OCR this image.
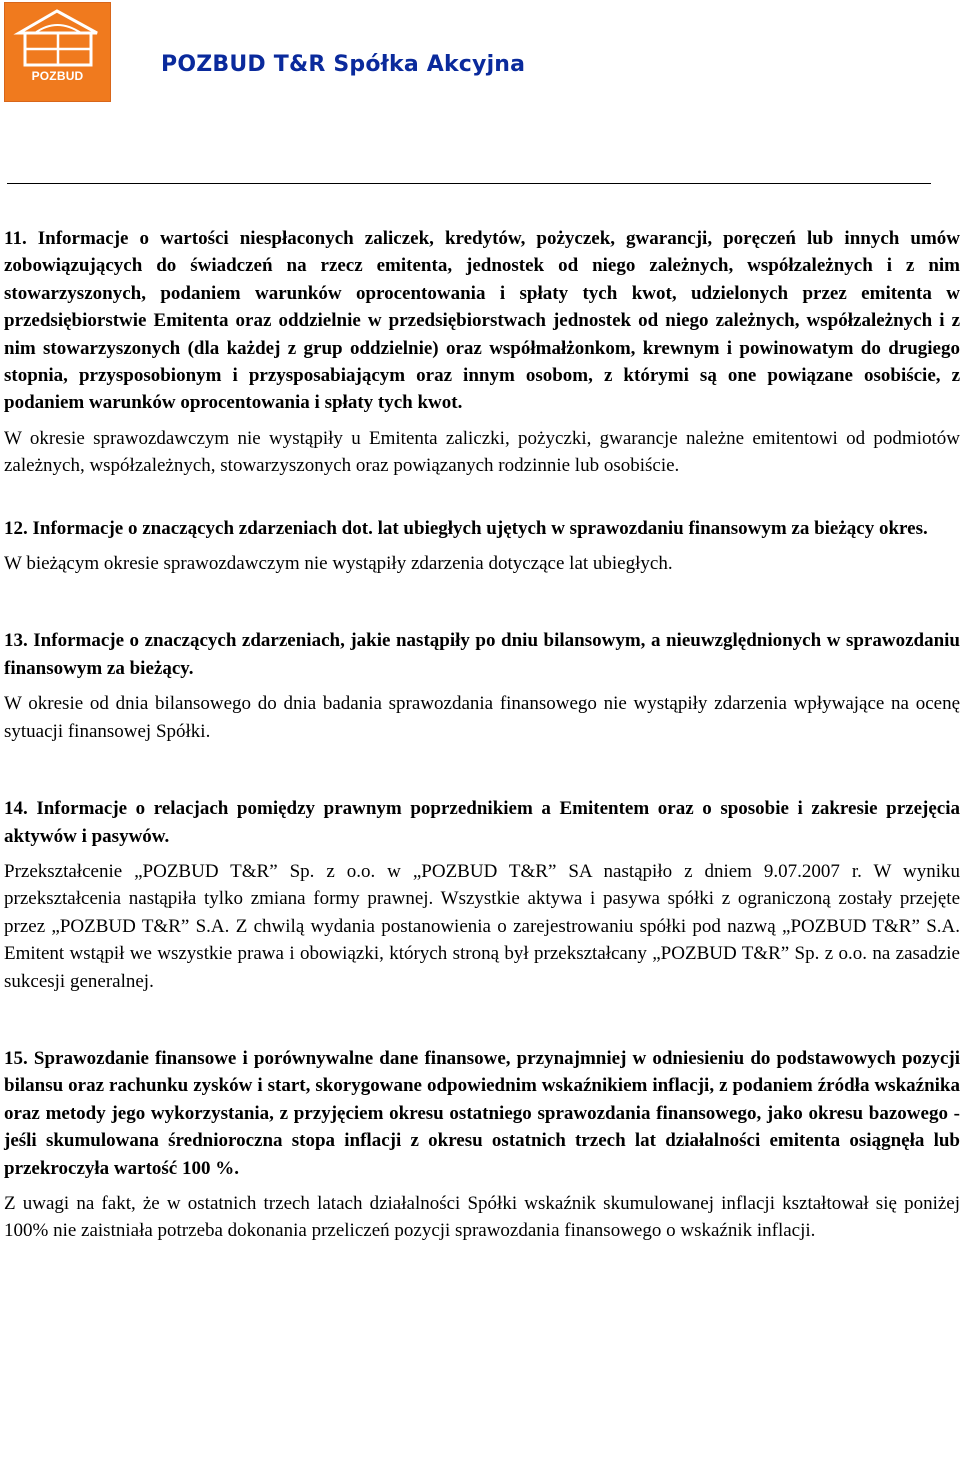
POZBUD	POZBUD T&R Spółka Akcyjna

11. Informacje o wartości niespłaconych zaliczek, kredytów, pożyczek, gwarancji, poręczeń lub innych umów zobowiązujących do świadczeń na rzecz emitenta, jednostek od niego zależnych, współzależnych i z nim stowarzyszonych, podaniem warunków oprocentowania i spłaty tych kwot, udzielonych przez emitenta w przedsiębiorstwie Emitenta oraz oddzielnie w przedsiębiorstwach jednostek od niego zależnych, współzależnych i z nim stowarzyszonych (dla każdej z grup oddzielnie) oraz współmałżonkom, krewnym i powinowatym do drugiego stopnia, przysposobionym i przysposabiającym oraz innym osobom, z którymi są one powiązane osobiście, z podaniem warunków oprocentowania i spłaty tych kwot.

W okresie sprawozdawczym nie wystąpiły u Emitenta zaliczki, pożyczki, gwarancje należne emitentowi od podmiotów zależnych, współzależnych, stowarzyszonych oraz powiązanych rodzinnie lub osobiście.

12. Informacje o znaczących zdarzeniach dot. lat ubiegłych ujętych w sprawozdaniu finansowym za bieżący okres.

W bieżącym okresie sprawozdawczym nie wystąpiły zdarzenia dotyczące lat ubiegłych.

13. Informacje o znaczących zdarzeniach, jakie nastąpiły po dniu bilansowym, a nieuwzględnionych w sprawozdaniu finansowym za bieżący.

W okresie od dnia bilansowego do dnia badania sprawozdania finansowego nie wystąpiły zdarzenia wpływające na ocenę sytuacji finansowej Spółki.

14. Informacje o relacjach pomiędzy prawnym poprzednikiem a Emitentem oraz o sposobie i zakresie przejęcia aktywów i pasywów.

Przekształcenie „POZBUD T&R” Sp. z o.o. w „POZBUD T&R” SA nastąpiło z dniem 9.07.2007 r. W wyniku przekształcenia nastąpiła tylko zmiana formy prawnej. Wszystkie aktywa i pasywa spółki z ograniczoną zostały przejęte przez „POZBUD T&R” S.A. Z chwilą wydania postanowienia o zarejestrowaniu spółki pod nazwą „POZBUD T&R” S.A. Emitent wstąpił we wszystkie prawa i obowiązki, których stroną był przekształcany „POZBUD T&R” Sp. z o.o. na zasadzie sukcesji generalnej.

15. Sprawozdanie finansowe i porównywalne dane finansowe, przynajmniej w odniesieniu do podstawowych pozycji bilansu oraz rachunku zysków i start, skorygowane odpowiednim wskaźnikiem inflacji, z podaniem źródła wskaźnika oraz metody jego wykorzystania, z przyjęciem okresu ostatniego sprawozdania finansowego, jako okresu bazowego - jeśli skumulowana średnioroczna stopa inflacji z okresu ostatnich trzech lat działalności emitenta osiągnęła lub przekroczyła wartość 100 %.

Z uwagi na fakt, że w ostatnich trzech latach działalności Spółki wskaźnik skumulowanej inflacji kształtował się poniżej 100% nie zaistniała potrzeba dokonania przeliczeń pozycji sprawozdania finansowego o wskaźnik inflacji.
